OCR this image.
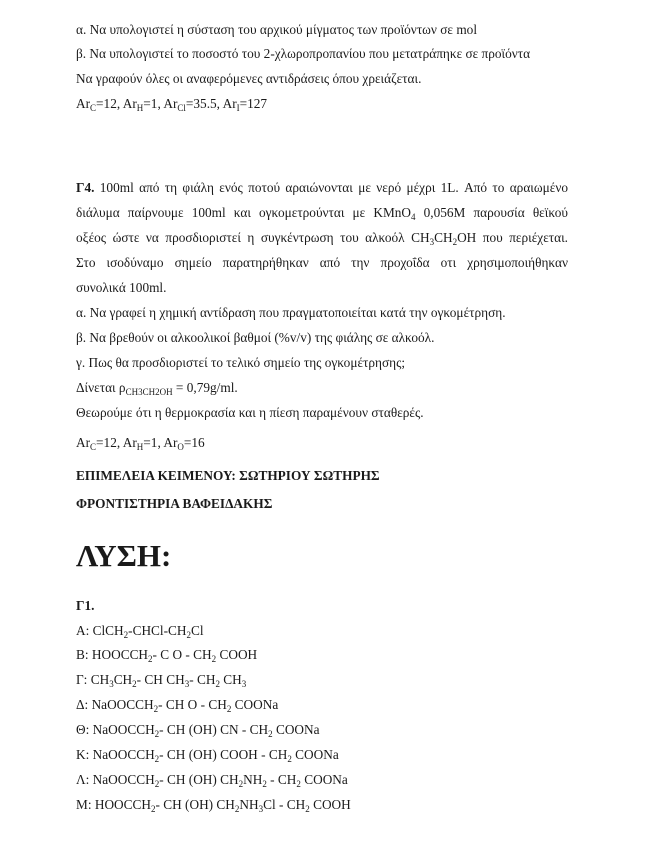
α. Να υπολογιστεί η σύσταση του αρχικού μίγματος των προϊόντων σε mol
β. Να υπολογιστεί το ποσοστό του 2-χλωροπροπανίου που μετατράπηκε σε προϊόντα
Να γραφούν όλες οι αναφερόμενες αντιδράσεις όπου χρειάζεται.
$Ar_C=12$, $Ar_H=1$, $Ar_{Cl}=35.5$, $Ar_I=127$
Γ4. 100ml από τη φιάλη ενός ποτού αραιώνονται με νερό μέχρι 1L. Από το αραιωμένο
διάλυμα παίρνουμε 100ml και ογκομετρούνται με KMnO$_4$ 0,056M παρουσία θεϊκού
οξέος ώστε να προσδιοριστεί η συγκέντρωση του αλκοόλ $CH_3CH_2OH$ που περιέχεται.
Στο ισοδύναμο σημείο παρατηρήθηκαν από την προχοΐδα οτι χρησιμοποιήθηκαν
συνολικά 100ml.
α. Να γραφεί η χημική αντίδραση που πραγματοποιείται κατά την ογκομέτρηση.
β. Να βρεθούν οι αλκοολικοί βαθμοί (%v/v) της φιάλης σε αλκοόλ.
γ. Πως θα προσδιοριστεί το τελικό σημείο της ογκομέτρησης;
Δίνεται $\rho_{CH3CH2OH} = 0,79g/ml$.
Θεωρούμε ότι η θερμοκρασία και η πίεση παραμένουν σταθερές.
$Ar_C=12$, $Ar_H=1$, $Ar_O=16$
ΕΠΙΜΕΛΕΙΑ ΚΕΙΜΕΝΟΥ: ΣΩΤΗΡΙΟΥ ΣΩΤΗΡΗΣ
ΦΡΟΝΤΙΣΤΗΡΙΑ ΒΑΦΕΙΔΑΚΗΣ
ΛΥΣΗ:
Γ1.
Α: $ClCH_2-CHCl-CH_2Cl$
Β: $HOOCCH_2-$ C O - $CH_2$ COOH
Γ: $CH_3CH_2-$ CH $CH_3-$ $CH_2$ $CH_3$
Δ: NaOOCCH$_2$- CH O - $CH_2$ COONa
Θ: NaOOCCH$_2$- CH (OH) CN - $CH_2$ COONa
Κ: NaOOCCH$_2$- CH (OH) COOH - $CH_2$ COONa
Λ: NaOOCCH$_2$- CH (OH) $CH_2NH_2 - CH_2$ COONa
Μ: $HOOCCH_2-$ CH (OH) $CH_2NH_3Cl - CH_2$ COOH
